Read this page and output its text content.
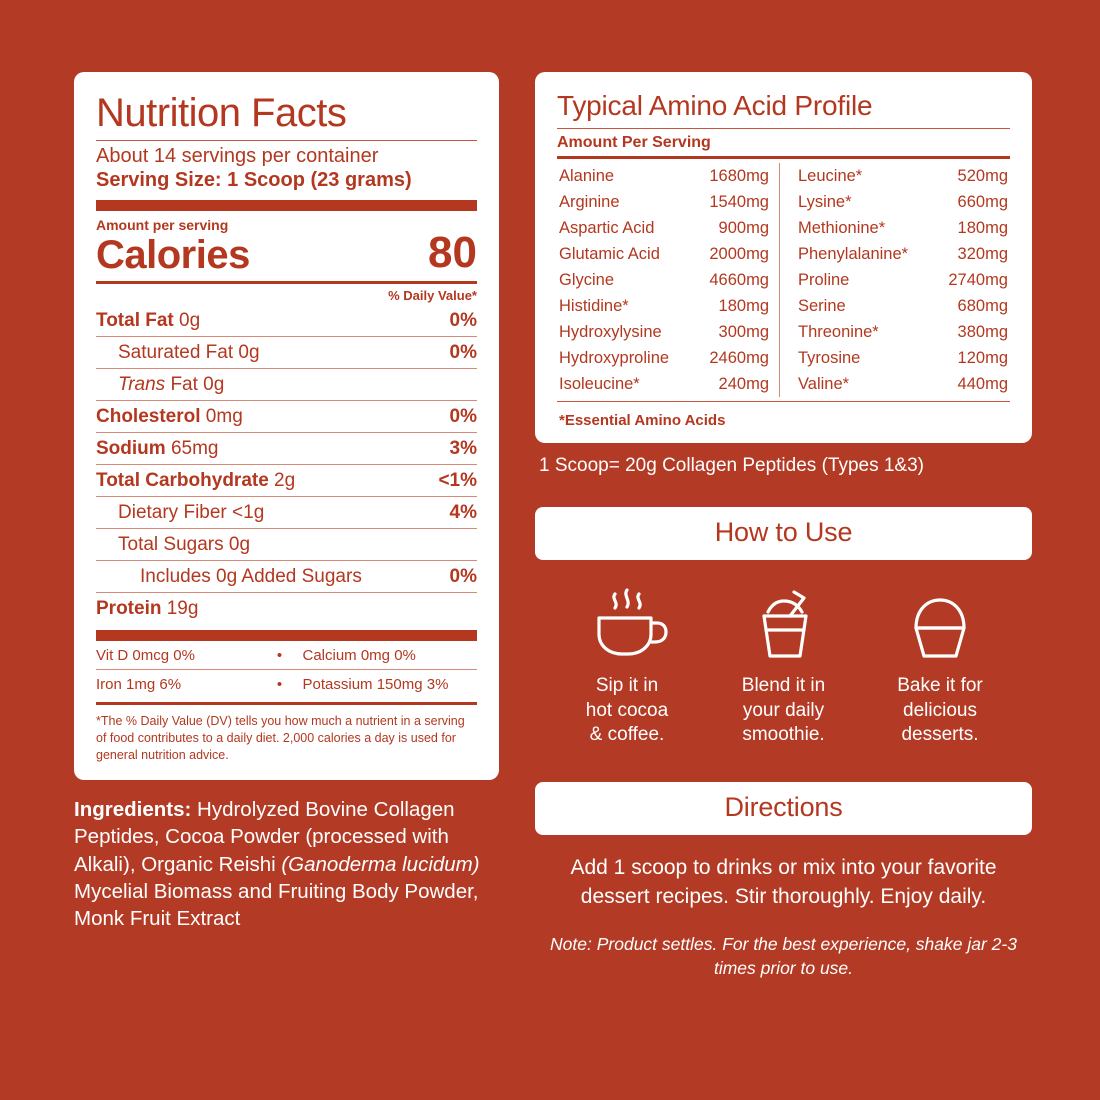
Nutrition Facts
About 14 servings per container
Serving Size: 1 Scoop (23 grams)
Amount per serving
Calories	80
% Daily Value*
Total Fat 0g	0%
Saturated Fat 0g	0%
Trans Fat 0g
Cholesterol 0mg	0%
Sodium 65mg	3%
Total Carbohydrate 2g	<1%
Dietary Fiber <1g	4%
Total Sugars 0g
Includes 0g Added Sugars	0%
Protein 19g
Vit D 0mcg 0%	•	Calcium 0mg 0%
Iron 1mg 6%	•	Potassium 150mg 3%
*The % Daily Value (DV) tells you how much a nutrient in a serving of food contributes to a daily diet. 2,000 calories a day is used for general nutrition advice.
Ingredients: Hydrolyzed Bovine Collagen Peptides, Cocoa Powder (processed with Alkali), Organic Reishi (Ganoderma lucidum) Mycelial Biomass and Fruiting Body Powder, Monk Fruit Extract
Typical Amino Acid Profile
Amount Per Serving
Alanine	1680mg
Arginine	1540mg
Aspartic Acid	900mg
Glutamic Acid	2000mg
Glycine	4660mg
Histidine*	180mg
Hydroxylysine	300mg
Hydroxyproline 2460mg
Isoleucine*	240mg
Leucine*	520mg
Lysine*	660mg
Methionine*	180mg
Phenylalanine*	320mg
Proline	2740mg
Serine	680mg
Threonine*	380mg
Tyrosine	120mg
Valine*	440mg
*Essential Amino Acids
1 Scoop= 20g Collagen Peptides (Types 1&3)
How to Use
Sip it in
hot cocoa
& coffee.
Blend it in
your daily
smoothie.
Bake it for
delicious
desserts.
Directions
Add 1 scoop to drinks or mix into your favorite dessert recipes. Stir thoroughly. Enjoy daily.
Note: Product settles. For the best experience, shake jar 2-3 times prior to use.
